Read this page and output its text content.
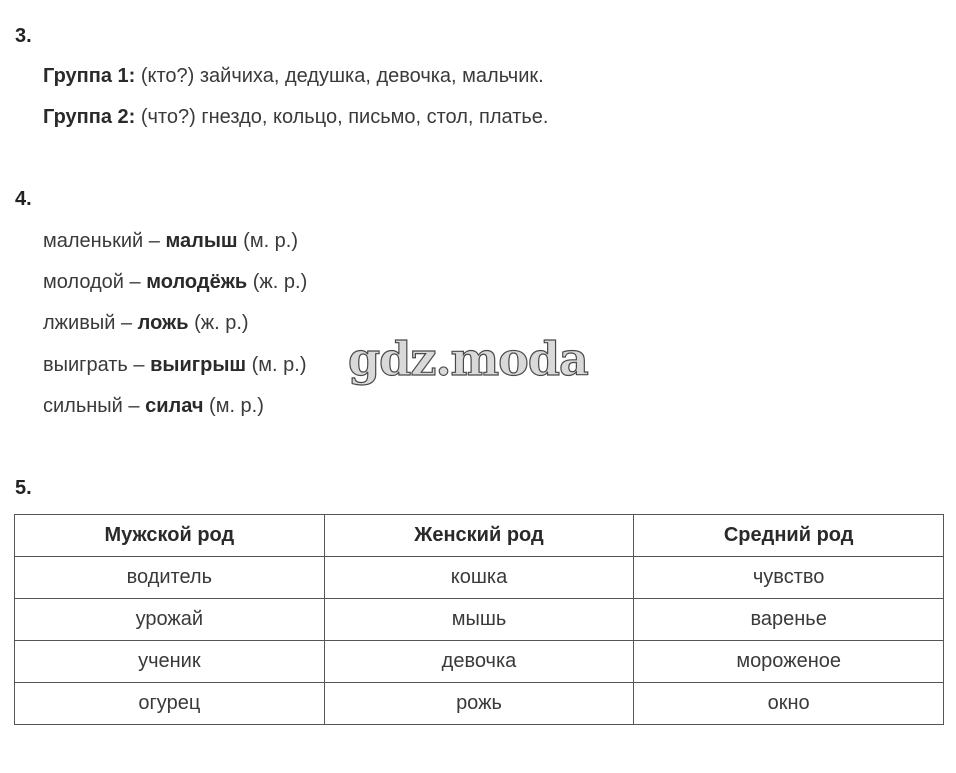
3.
Группа 1: (кто?) зайчиха, дедушка, девочка, мальчик.
Группа 2: (что?) гнездо, кольцо, письмо, стол, платье.
4.
маленький – малыш (м. р.)
молодой – молодёжь (ж. р.)
лживый – ложь (ж. р.)
выиграть – выигрыш (м. р.)
сильный – силач (м. р.)
gdz.moda
5.
Мужской род	Женский род	Средний род
водитель	кошка	чувство
урожай	мышь	варенье
ученик	девочка	мороженое
огурец	рожь	окно
